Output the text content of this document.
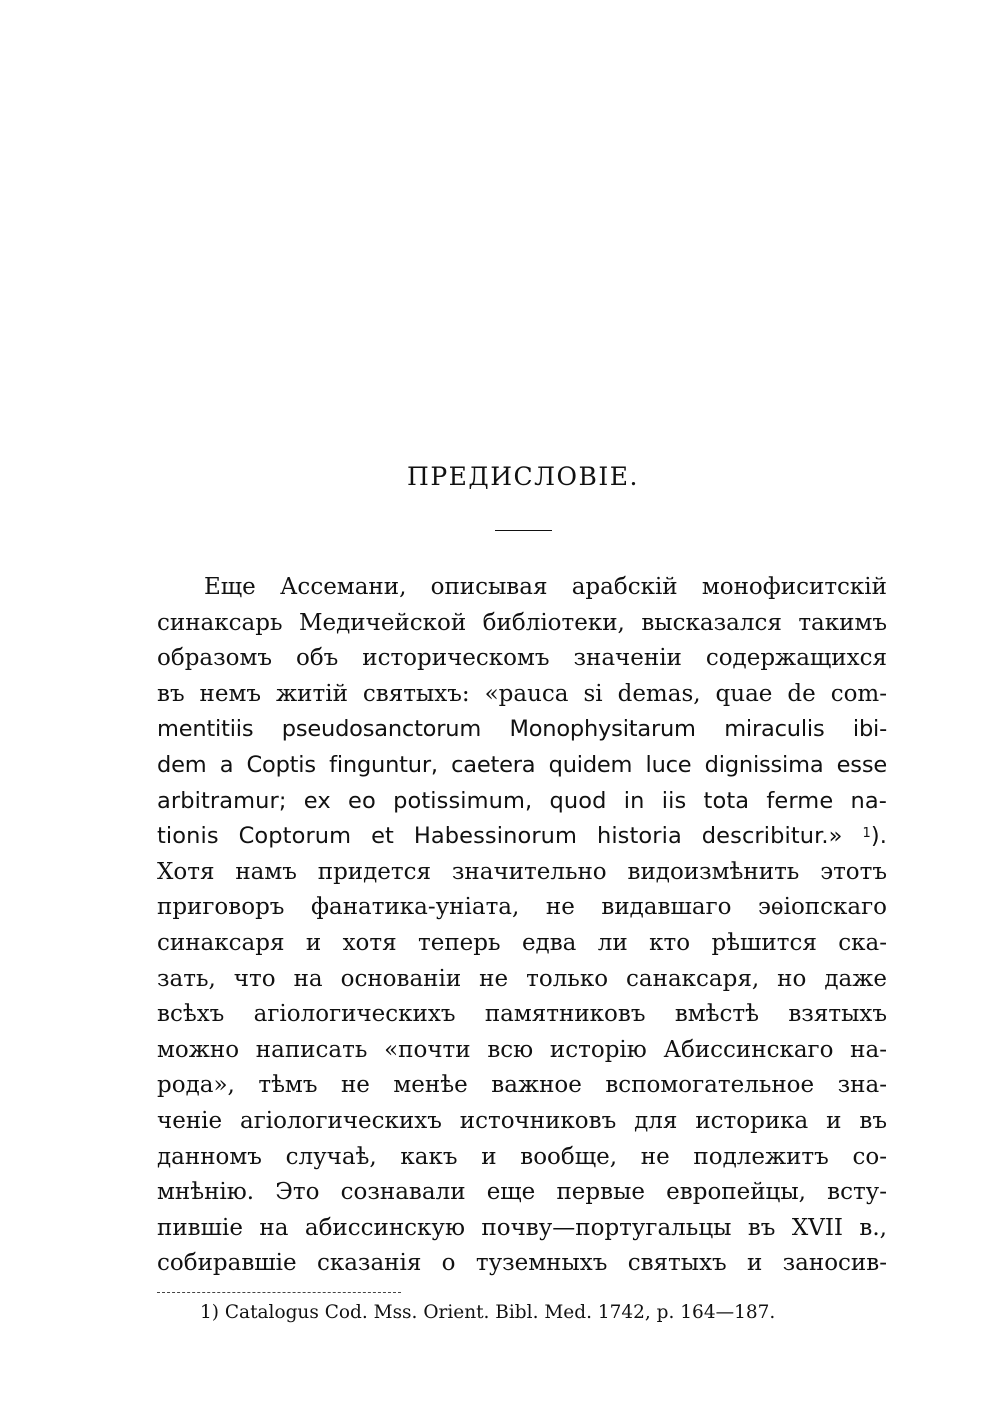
ПРЕДИСЛОВІЕ.
Еще Ассемани, описывая арабскій монофиситскій
синаксарь Медичейской библіотеки, высказался такимъ
образомъ объ историческомъ значеніи содержащихся
въ немъ житій святыхъ: «pauca si demas, quae de com-
mentitiis pseudosanctorum Monophysitarum miraculis ibi-
dem a Coptis finguntur, caetera quidem luce dignissima esse
arbitramur; ex eo potissimum, quod in iis tota ferme na-
tionis Coptorum et Habessinorum historia describitur.» $^1$).
Хотя намъ придется значительно видоизмѣнить этотъ
приговоръ фанатика-уніата, не видавшаго эѳіопскаго
синаксаря и хотя теперь едва ли кто рѣшится ска-
зать, что на основаніи не только санаксаря, но даже
всѣхъ агіологическихъ памятниковъ вмѣстѣ взятыхъ
можно написать «почти всю исторію Абиссинскаго на-
рода», тѣмъ не менѣе важное вспомогательное зна-
ченіе агіологическихъ источниковъ для историка и въ
данномъ случаѣ, какъ и вообще, не подлежитъ со-
мнѣнію. Это сознавали еще первые европейцы, всту-
пившіе на абиссинскую почву—португальцы въ XVII в.,
собиравшіе сказанія о туземныхъ святыхъ и заносив-
1) Catalogus Cod. Mss. Orient. Bibl. Med. 1742, p. 164—187.
